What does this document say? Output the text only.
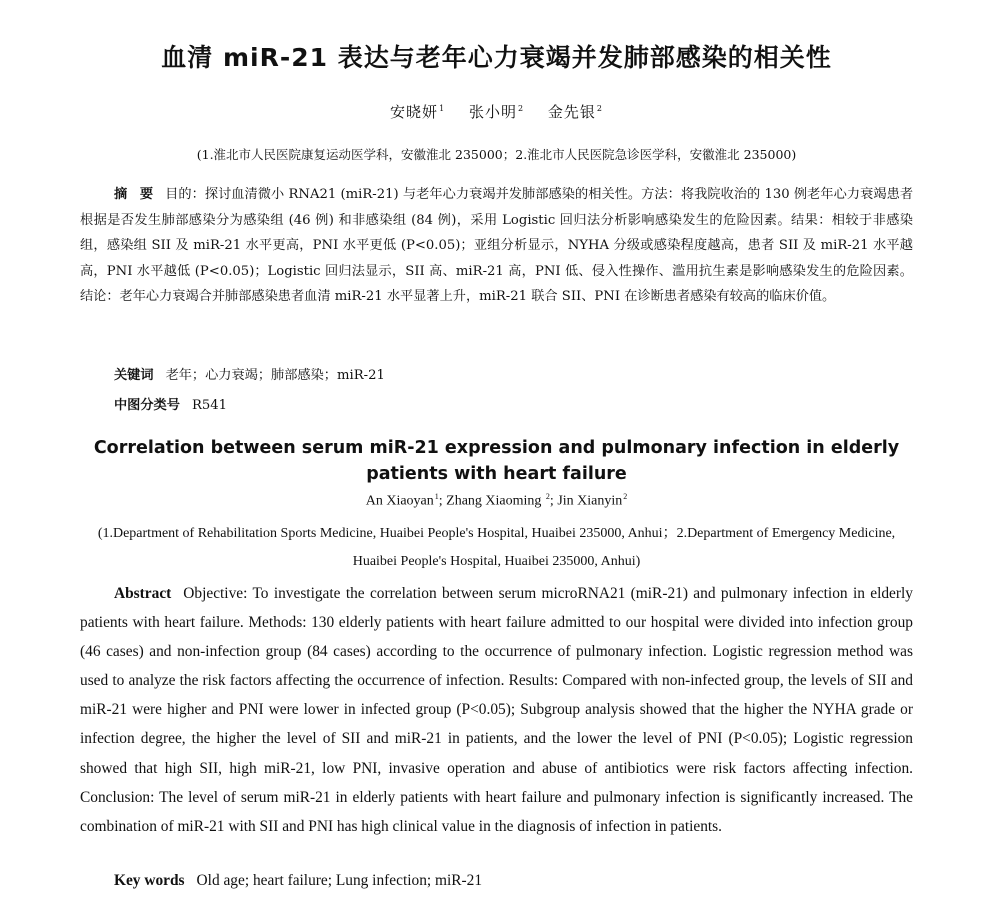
血清 miR-21 表达与老年心力衰竭并发肺部感染的相关性
安晓妍$^1$ 张小明$^2$ 金先银$^2$
(1.淮北市人民医院康复运动医学科，安徽淮北 235000；2.淮北市人民医院急诊医学科，安徽淮北 235000)
摘 要 目的：探讨血清微小 RNA21 (miR-21) 与老年心力衰竭并发肺部感染的相关性。方法：将我院收治的 130 例老年心力衰竭患者根据是否发生肺部感染分为感染组 (46 例) 和非感染组 (84 例)，采用 Logistic 回归法分析影响感染发生的危险因素。结果：相较于非感染组，感染组 SII 及 miR-21 水平更高，PNI 水平更低 (P<0.05)；亚组分析显示，NYHA 分级或感染程度越高，患者 SII 及 miR-21 水平越高，PNI 水平越低 (P<0.05)；Logistic 回归法显示，SII 高、miR-21 高，PNI 低、侵入性操作、滥用抗生素是影响感染发生的危险因素。结论：老年心力衰竭合并肺部感染患者血清 miR-21 水平显著上升，miR-21 联合 SII、PNI 在诊断患者感染有较高的临床价值。
关键词 老年；心力衰竭；肺部感染；miR-21
中图分类号 R541
Correlation between serum miR-21 expression and pulmonary infection in elderly patients with heart failure
An Xiaoyan$^1$; Zhang Xiaoming $^2$; Jin Xianyin$^2$
(1.Department of Rehabilitation Sports Medicine, Huaibei People's Hospital, Huaibei 235000, Anhui；2.Department of Emergency Medicine, Huaibei People's Hospital, Huaibei 235000, Anhui)
Abstract Objective: To investigate the correlation between serum microRNA21 (miR-21) and pulmonary infection in elderly patients with heart failure. Methods: 130 elderly patients with heart failure admitted to our hospital were divided into infection group (46 cases) and non-infection group (84 cases) according to the occurrence of pulmonary infection. Logistic regression method was used to analyze the risk factors affecting the occurrence of infection. Results: Compared with non-infected group, the levels of SII and miR-21 were higher and PNI were lower in infected group (P<0.05); Subgroup analysis showed that the higher the NYHA grade or infection degree, the higher the level of SII and miR-21 in patients, and the lower the level of PNI (P<0.05); Logistic regression showed that high SII, high miR-21, low PNI, invasive operation and abuse of antibiotics were risk factors affecting infection. Conclusion: The level of serum miR-21 in elderly patients with heart failure and pulmonary infection is significantly increased. The combination of miR-21 with SII and PNI has high clinical value in the diagnosis of infection in patients.
Key words Old age; heart failure; Lung infection; miR-21
